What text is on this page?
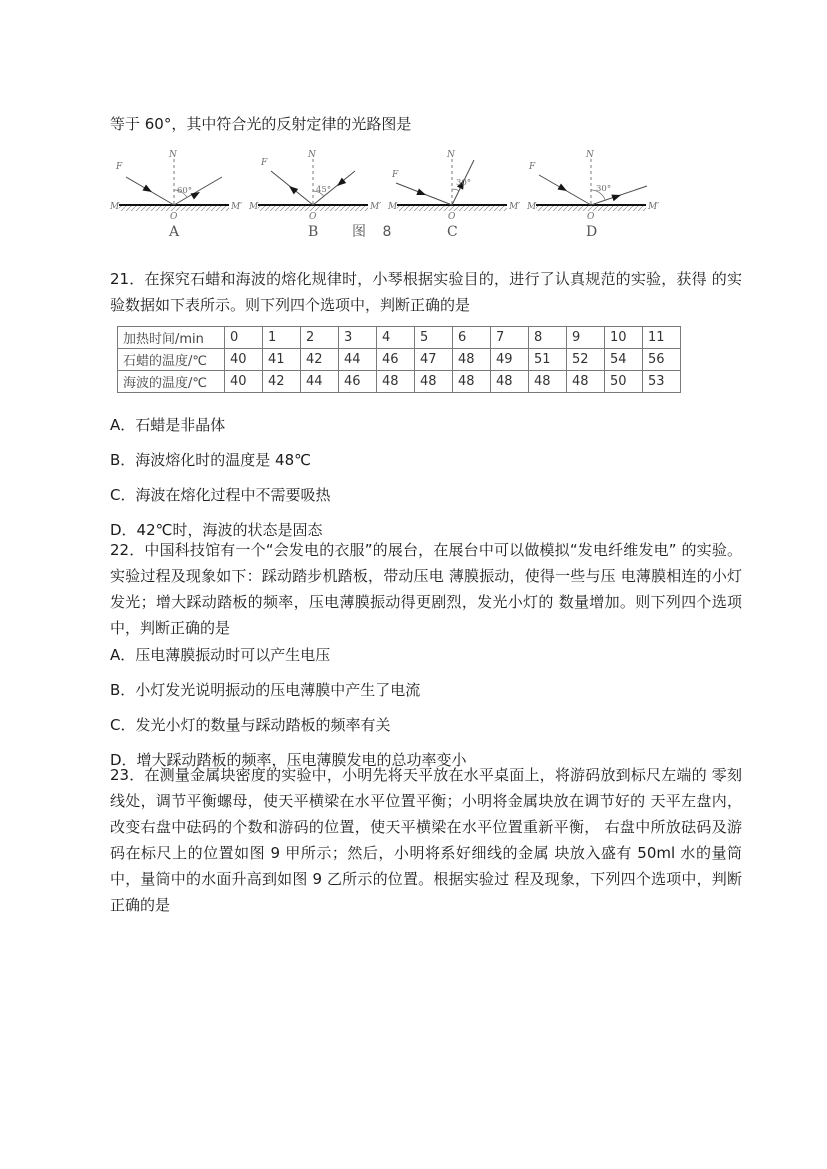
等于 60°，其中符合光的反射定律的光路图是
60°
F
N
M	M′
O
A
45°
F
N
M	M′
O
B
30°
F
N
M	M′
O
C
30°
F
N
M	M′
O
D
图 8
21．在探究石蜡和海波的熔化规律时，小琴根据实验目的，进行了认真规范的实验，获得 的实验数据如下表所示。则下列四个选项中，判断正确的是
加热时间/min	0	1	2	3	4	5	6	7	8	9	10	11
石蜡的温度/℃	40	41	42	44	46	47	48	49	51	52	54	56
海波的温度/℃	40	42	44	46	48	48	48	48	48	48	50	53
A．石蜡是非晶体
B．海波熔化时的温度是 48℃
C．海波在熔化过程中不需要吸热
D．42℃时，海波的状态是固态
22．中国科技馆有一个“会发电的衣服”的展台，在展台中可以做模拟“发电纤维发电” 的实验。实验过程及现象如下：踩动踏步机踏板，带动压电 薄膜振动，使得一些与压 电薄膜相连的小灯发光；增大踩动踏板的频率，压电薄膜振动得更剧烈，发光小灯的 数量增加。则下列四个选项中，判断正确的是
A．压电薄膜振动时可以产生电压
B．小灯发光说明振动的压电薄膜中产生了电流
C．发光小灯的数量与踩动踏板的频率有关
D．增大踩动踏板的频率，压电薄膜发电的总功率变小
23．在测量金属块密度的实验中，小明先将天平放在水平桌面上，将游码放到标尺左端的 零刻线处，调节平衡螺母，使天平横梁在水平位置平衡；小明将金属块放在调节好的 天平左盘内，改变右盘中砝码的个数和游码的位置，使天平横梁在水平位置重新平衡， 右盘中所放砝码及游码在标尺上的位置如图 9 甲所示；然后，小明将系好细线的金属 块放入盛有 50ml 水的量筒中，量筒中的水面升高到如图 9 乙所示的位置。根据实验过 程及现象，下列四个选项中，判断正确的是
